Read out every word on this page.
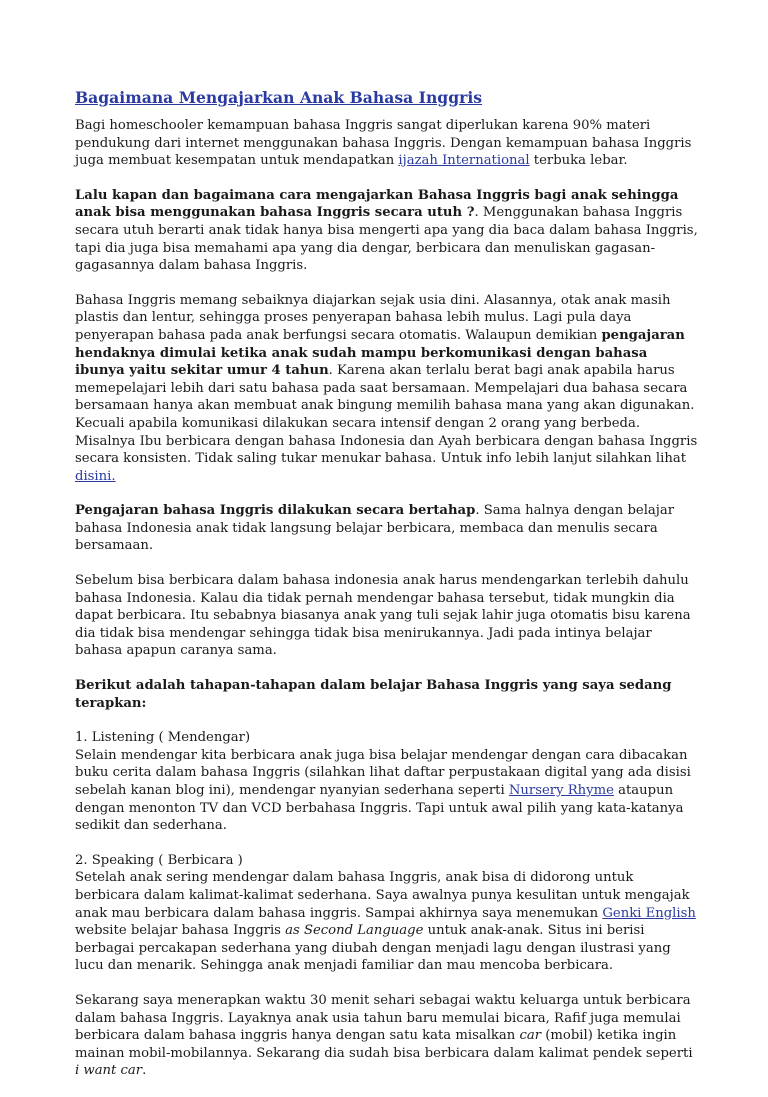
Bagaimana Mengajarkan Anak Bahasa Inggris

Bagi homeschooler kemampuan bahasa Inggris sangat diperlukan karena 90% materi pendukung dari internet menggunakan bahasa Inggris. Dengan kemampuan bahasa Inggris juga membuat kesempatan untuk mendapatkan ijazah International terbuka lebar.

Lalu kapan dan bagaimana cara mengajarkan Bahasa Inggris bagi anak sehingga anak bisa menggunakan bahasa Inggris secara utuh ?. Menggunakan bahasa Inggris secara utuh berarti anak tidak hanya bisa mengerti apa yang dia baca dalam bahasa Inggris, tapi dia juga bisa memahami apa yang dia dengar, berbicara dan menuliskan gagasan-gagasannya dalam bahasa Inggris.

Bahasa Inggris memang sebaiknya diajarkan sejak usia dini. Alasannya, otak anak masih plastis dan lentur, sehingga proses penyerapan bahasa lebih mulus. Lagi pula daya penyerapan bahasa pada anak berfungsi secara otomatis. Walaupun demikian pengajaran hendaknya dimulai ketika anak sudah mampu berkomunikasi dengan bahasa ibunya yaitu sekitar umur 4 tahun. Karena akan terlalu berat bagi anak apabila harus memepelajari lebih dari satu bahasa pada saat bersamaan. Mempelajari dua bahasa secara bersamaan hanya akan membuat anak bingung memilih bahasa mana yang akan digunakan. Kecuali apabila komunikasi dilakukan secara intensif dengan 2 orang yang berbeda. Misalnya Ibu berbicara dengan bahasa Indonesia dan Ayah berbicara dengan bahasa Inggris secara konsisten. Tidak saling tukar menukar bahasa. Untuk info lebih lanjut silahkan lihat disini.

Pengajaran bahasa Inggris dilakukan secara bertahap. Sama halnya dengan belajar bahasa Indonesia anak tidak langsung belajar berbicara, membaca dan menulis secara bersamaan.

Sebelum bisa berbicara dalam bahasa indonesia anak harus mendengarkan terlebih dahulu bahasa Indonesia. Kalau dia tidak pernah mendengar bahasa tersebut, tidak mungkin dia dapat berbicara. Itu sebabnya biasanya anak yang tuli sejak lahir juga otomatis bisu karena dia tidak bisa mendengar sehingga tidak bisa menirukannya. Jadi pada intinya belajar bahasa apapun caranya sama.

Berikut adalah tahapan-tahapan dalam belajar Bahasa Inggris yang saya sedang terapkan:

1. Listening ( Mendengar)
Selain mendengar kita berbicara anak juga bisa belajar mendengar dengan cara dibacakan buku cerita dalam bahasa Inggris (silahkan lihat daftar perpustakaan digital yang ada disisi sebelah kanan blog ini), mendengar nyanyian sederhana seperti Nursery Rhyme ataupun dengan menonton TV dan VCD berbahasa Inggris. Tapi untuk awal pilih yang kata-katanya sedikit dan sederhana.

2. Speaking ( Berbicara )
Setelah anak sering mendengar dalam bahasa Inggris, anak bisa di didorong untuk berbicara dalam kalimat-kalimat sederhana. Saya awalnya punya kesulitan untuk mengajak anak mau berbicara dalam bahasa inggris. Sampai akhirnya saya menemukan Genki English website belajar bahasa Inggris as Second Language untuk anak-anak. Situs ini berisi berbagai percakapan sederhana yang diubah dengan menjadi lagu dengan ilustrasi yang lucu dan menarik. Sehingga anak menjadi familiar dan mau mencoba berbicara.

Sekarang saya menerapkan waktu 30 menit sehari sebagai waktu keluarga untuk berbicara dalam bahasa Inggris. Layaknya anak usia tahun baru memulai bicara, Rafif juga memulai berbicara dalam bahasa inggris hanya dengan satu kata misalkan car (mobil) ketika ingin mainan mobil-mobilannya. Sekarang dia sudah bisa berbicara dalam kalimat pendek seperti i want car.
